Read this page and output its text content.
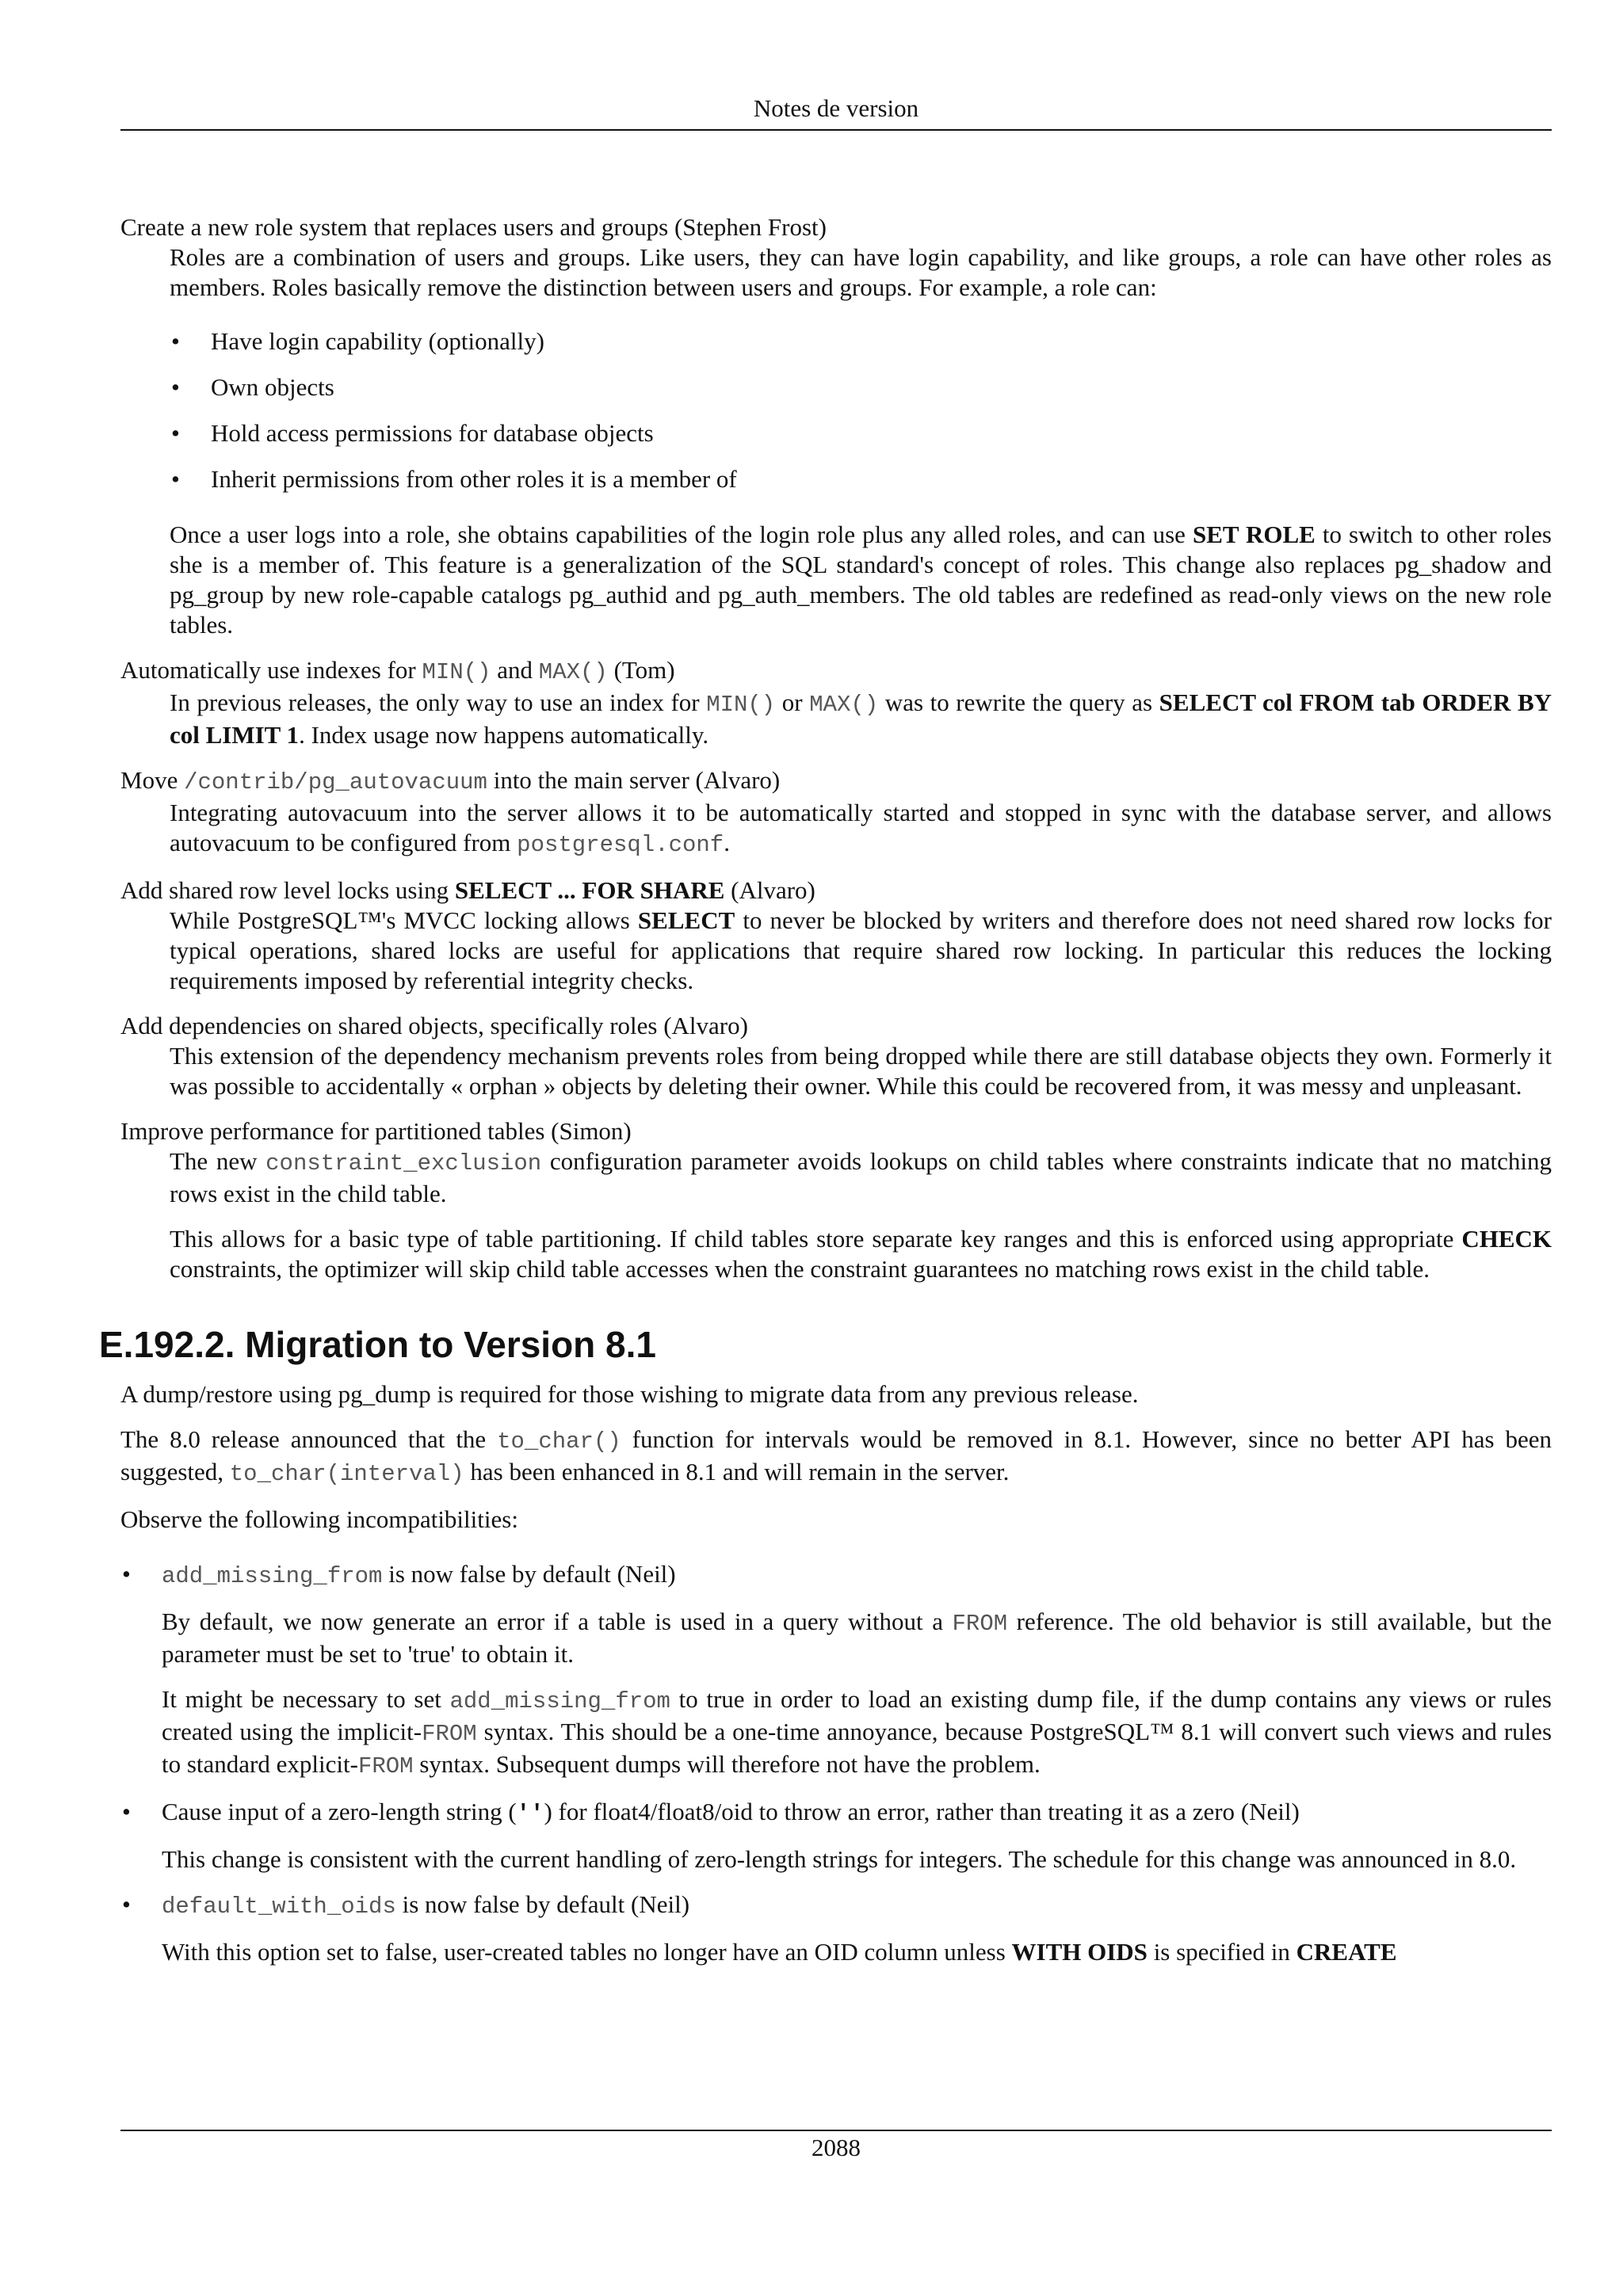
Notes de version
Create a new role system that replaces users and groups (Stephen Frost)

Roles are a combination of users and groups. Like users, they can have login capability, and like groups, a role can have other roles as members. Roles basically remove the distinction between users and groups. For example, a role can:

• Have login capability (optionally)
• Own objects
• Hold access permissions for database objects
• Inherit permissions from other roles it is a member of

Once a user logs into a role, she obtains capabilities of the login role plus any alled roles, and can use SET ROLE to switch to other roles she is a member of. This feature is a generalization of the SQL standard's concept of roles. This change also replaces pg_shadow and pg_group by new role-capable catalogs pg_authid and pg_auth_members. The old tables are redefined as read-only views on the new role tables.

Automatically use indexes for MIN() and MAX() (Tom)

In previous releases, the only way to use an index for MIN() or MAX() was to rewrite the query as SELECT col FROM tab ORDER BY col LIMIT 1. Index usage now happens automatically.

Move /contrib/pg_autovacuum into the main server (Alvaro)

Integrating autovacuum into the server allows it to be automatically started and stopped in sync with the database server, and allows autovacuum to be configured from postgresql.conf.

Add shared row level locks using SELECT ... FOR SHARE (Alvaro)

While PostgreSQL™'s MVCC locking allows SELECT to never be blocked by writers and therefore does not need shared row locks for typical operations, shared locks are useful for applications that require shared row locking. In particular this reduces the locking requirements imposed by referential integrity checks.

Add dependencies on shared objects, specifically roles (Alvaro)

This extension of the dependency mechanism prevents roles from being dropped while there are still database objects they own. Formerly it was possible to accidentally « orphan » objects by deleting their owner. While this could be recovered from, it was messy and unpleasant.

Improve performance for partitioned tables (Simon)

The new constraint_exclusion configuration parameter avoids lookups on child tables where constraints indicate that no matching rows exist in the child table.

This allows for a basic type of table partitioning. If child tables store separate key ranges and this is enforced using appropriate CHECK constraints, the optimizer will skip child table accesses when the constraint guarantees no matching rows exist in the child table.

E.192.2. Migration to Version 8.1

A dump/restore using pg_dump is required for those wishing to migrate data from any previous release.

The 8.0 release announced that the to_char() function for intervals would be removed in 8.1. However, since no better API has been suggested, to_char(interval) has been enhanced in 8.1 and will remain in the server.

Observe the following incompatibilities:

• add_missing_from is now false by default (Neil)

By default, we now generate an error if a table is used in a query without a FROM reference. The old behavior is still available, but the parameter must be set to 'true' to obtain it.

It might be necessary to set add_missing_from to true in order to load an existing dump file, if the dump contains any views or rules created using the implicit-FROM syntax. This should be a one-time annoyance, because PostgreSQL™ 8.1 will convert such views and rules to standard explicit-FROM syntax. Subsequent dumps will therefore not have the problem.

• Cause input of a zero-length string ('') for float4/float8/oid to throw an error, rather than treating it as a zero (Neil)

This change is consistent with the current handling of zero-length strings for integers. The schedule for this change was announced in 8.0.

• default_with_oids is now false by default (Neil)

With this option set to false, user-created tables no longer have an OID column unless WITH OIDS is specified in CREATE

2088
